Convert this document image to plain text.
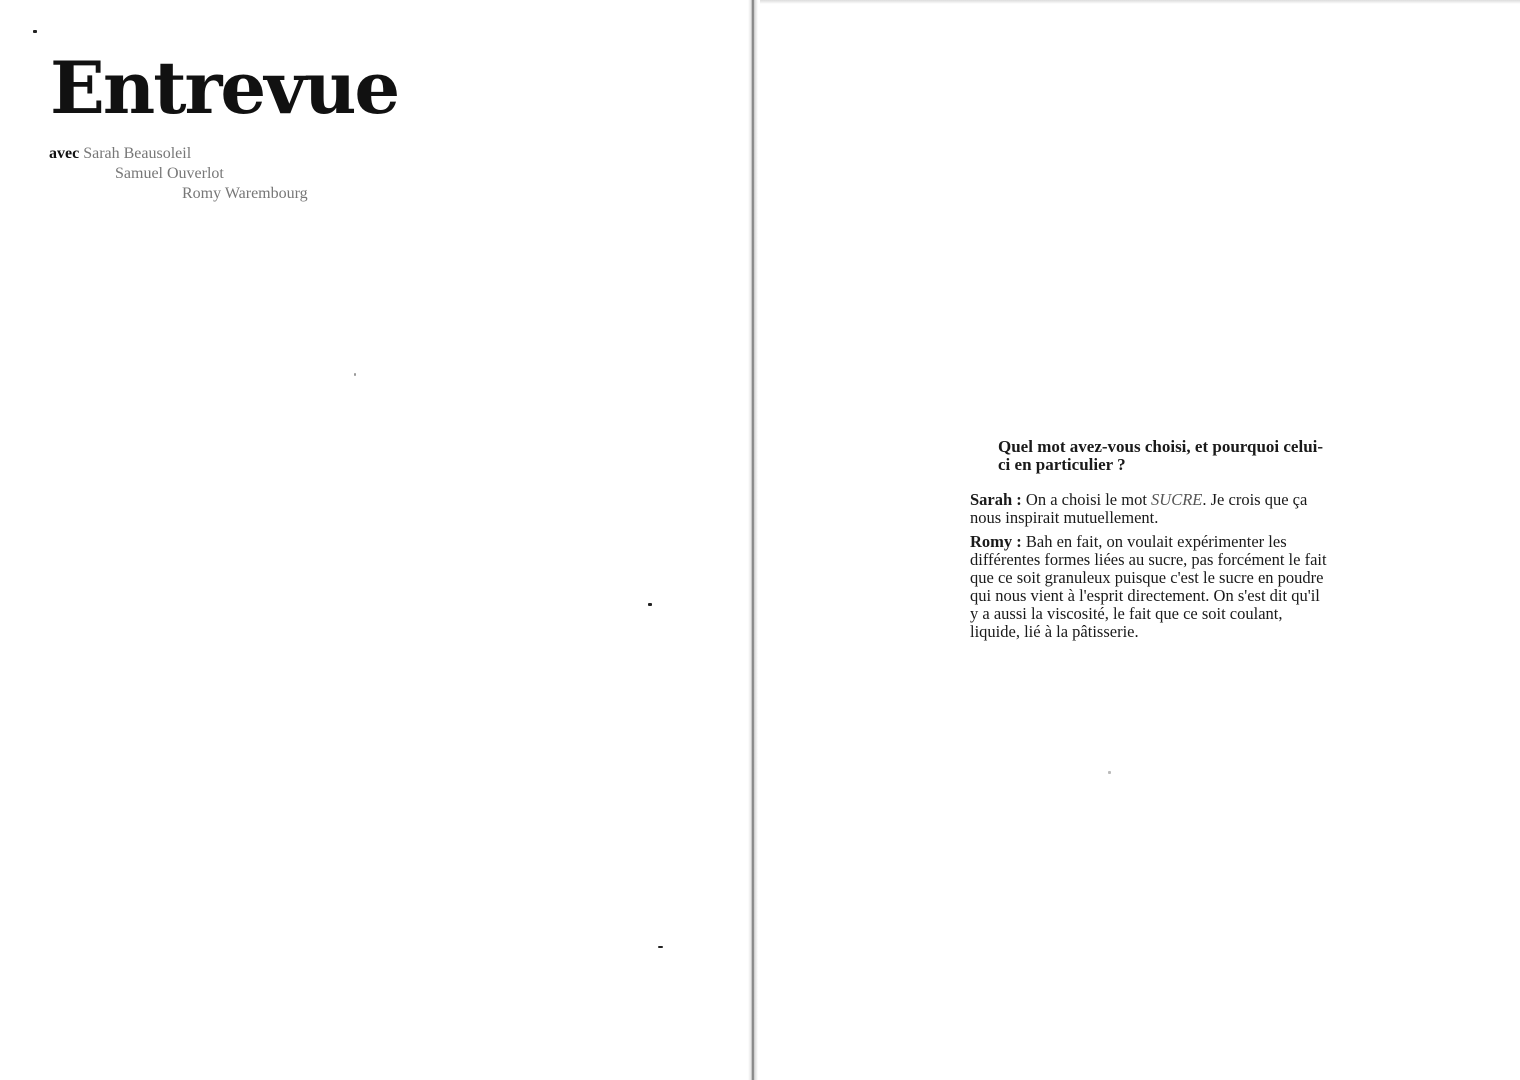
Entrevue
avec Sarah Beausoleil
Samuel Ouverlot
Romy Warembourg

Quel mot avez-vous choisi, et pourquoi celui-ci en particulier ?

Sarah : On a choisi le mot SUCRE. Je crois que ça nous inspirait mutuellement.

Romy : Bah en fait, on voulait expérimenter les différentes formes liées au sucre, pas forcément le fait que ce soit granuleux puisque c'est le sucre en poudre qui nous vient à l'esprit directement. On s'est dit qu'il y a aussi la viscosité, le fait que ce soit coulant, liquide, lié à la pâtisserie.
